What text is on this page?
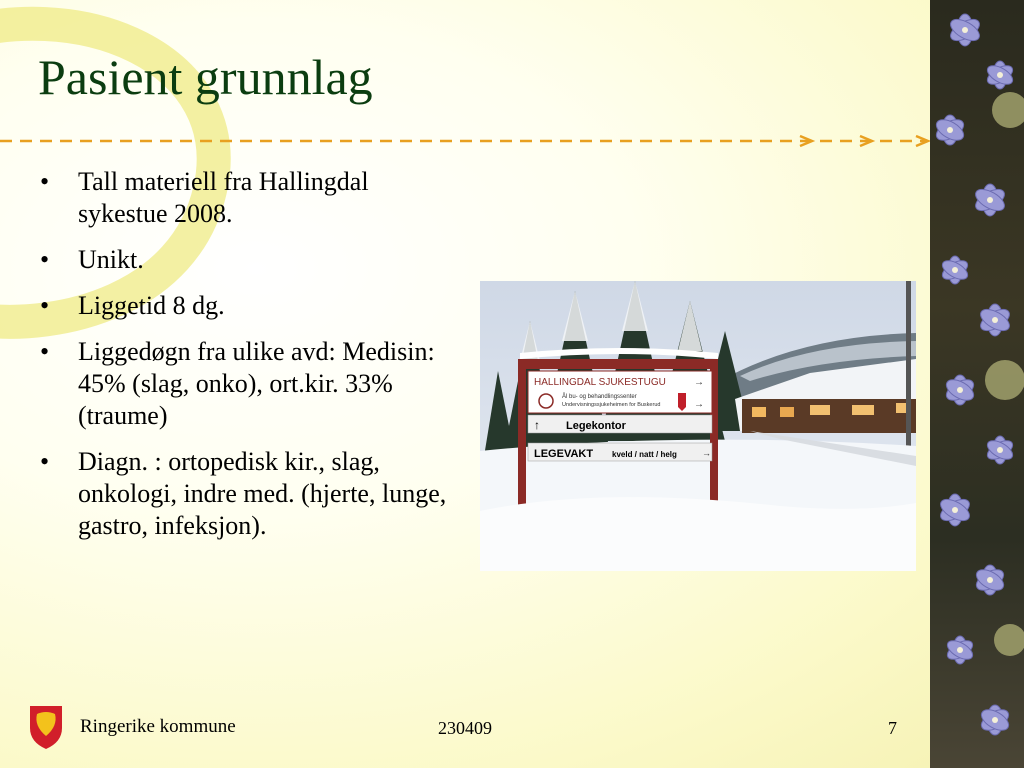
Pasient grunnlag
• Tall materiell fra Hallingdal sykestue 2008.
• Unikt.
• Liggetid 8 dg.
• Liggedøgn fra ulike avd: Medisin: 45% (slag, onko), ort.kir. 33% (traume)
• Diagn. : ortopedisk kir., slag, onkologi, indre med. (hjerte, lunge, gastro, infeksjon).
HALLINGDAL SJUKESTUGU
Ål bu- og behandlingssenter
Undervisningssjukeheimen for Buskerud
→
→
↑ Legekontor
LEGEVAKT kveld / natt / helg	→
Ringerike kommune	230409	7
